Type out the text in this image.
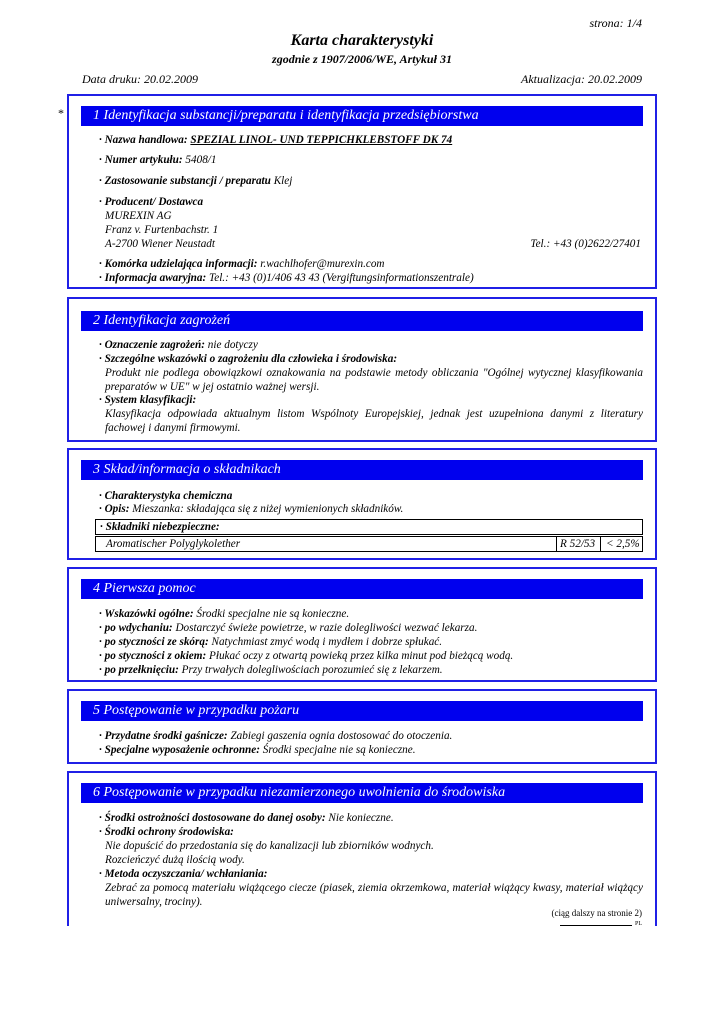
strona: 1/4
Karta charakterystyki
zgodnie z 1907/2006/WE, Artykuł 31
Data druku: 20.02.2009	Aktualizacja: 20.02.2009
*	1 Identyfikacja substancji/preparatu i identyfikacja przedsiębiorstwa
· Nazwa handlowa: SPEZIAL LINOL- UND TEPPICHKLEBSTOFF DK 74
· Numer artykułu: 5408/1
· Zastosowanie substancji / preparatu Klej
· Producent/ Dostawca
MUREXIN AG
Franz v. Furtenbachstr. 1
A-2700 Wiener Neustadt	Tel.: +43 (0)2622/27401
· Komórka udzielająca informacji: r.wachlhofer@murexin.com
· Informacja awaryjna: Tel.: +43 (0)1/406 43 43 (Vergiftungsinformationszentrale)
2 Identyfikacja zagrożeń
· Oznaczenie zagrożeń: nie dotyczy
· Szczególne wskazówki o zagrożeniu dla człowieka i środowiska:
Produkt nie podlega obowiązkowi oznakowania na podstawie metody obliczania "Ogólnej wytycznej klasyfikowania preparatów w UE" w jej ostatnio ważnej wersji.
· System klasyfikacji:
Klasyfikacja odpowiada aktualnym listom Wspólnoty Europejskiej, jednak jest uzupełniona danymi z literatury fachowej i danymi firmowymi.
3 Skład/informacja o składnikach
· Charakterystyka chemiczna
· Opis: Mieszanka: składająca się z niżej wymienionych składników.
· Składniki niebezpieczne:
Aromatischer Polyglykolether	R 52/53 < 2,5%
4 Pierwsza pomoc
· Wskazówki ogólne: Środki specjalne nie są konieczne.
· po wdychaniu: Dostarczyć świeże powietrze, w razie dolegliwości wezwać lekarza.
· po styczności ze skórą: Natychmiast zmyć wodą i mydłem i dobrze spłukać.
· po styczności z okiem: Płukać oczy z otwartą powieką przez kilka minut pod bieżącą wodą.
· po przełknięciu: Przy trwałych dolegliwościach porozumieć się z lekarzem.
5 Postępowanie w przypadku pożaru
· Przydatne środki gaśnicze: Zabiegi gaszenia ognia dostosować do otoczenia.
· Specjalne wyposażenie ochronne: Środki specjalne nie są konieczne.
6 Postępowanie w przypadku niezamierzonego uwolnienia do środowiska
· Środki ostrożności dostosowane do danej osoby: Nie konieczne.
· Środki ochrony środowiska:
Nie dopuścić do przedostania się do kanalizacji lub zbiorników wodnych.
Rozcieńczyć dużą ilością wody.
· Metoda oczyszczania/ wchłaniania:
Zebrać za pomocą materiału wiążącego ciecze (piasek, ziemia okrzemkowa, materiał wiążący kwasy, materiał wiążący uniwersalny, trociny).
(ciąg dalszy na stronie 2)
PL
